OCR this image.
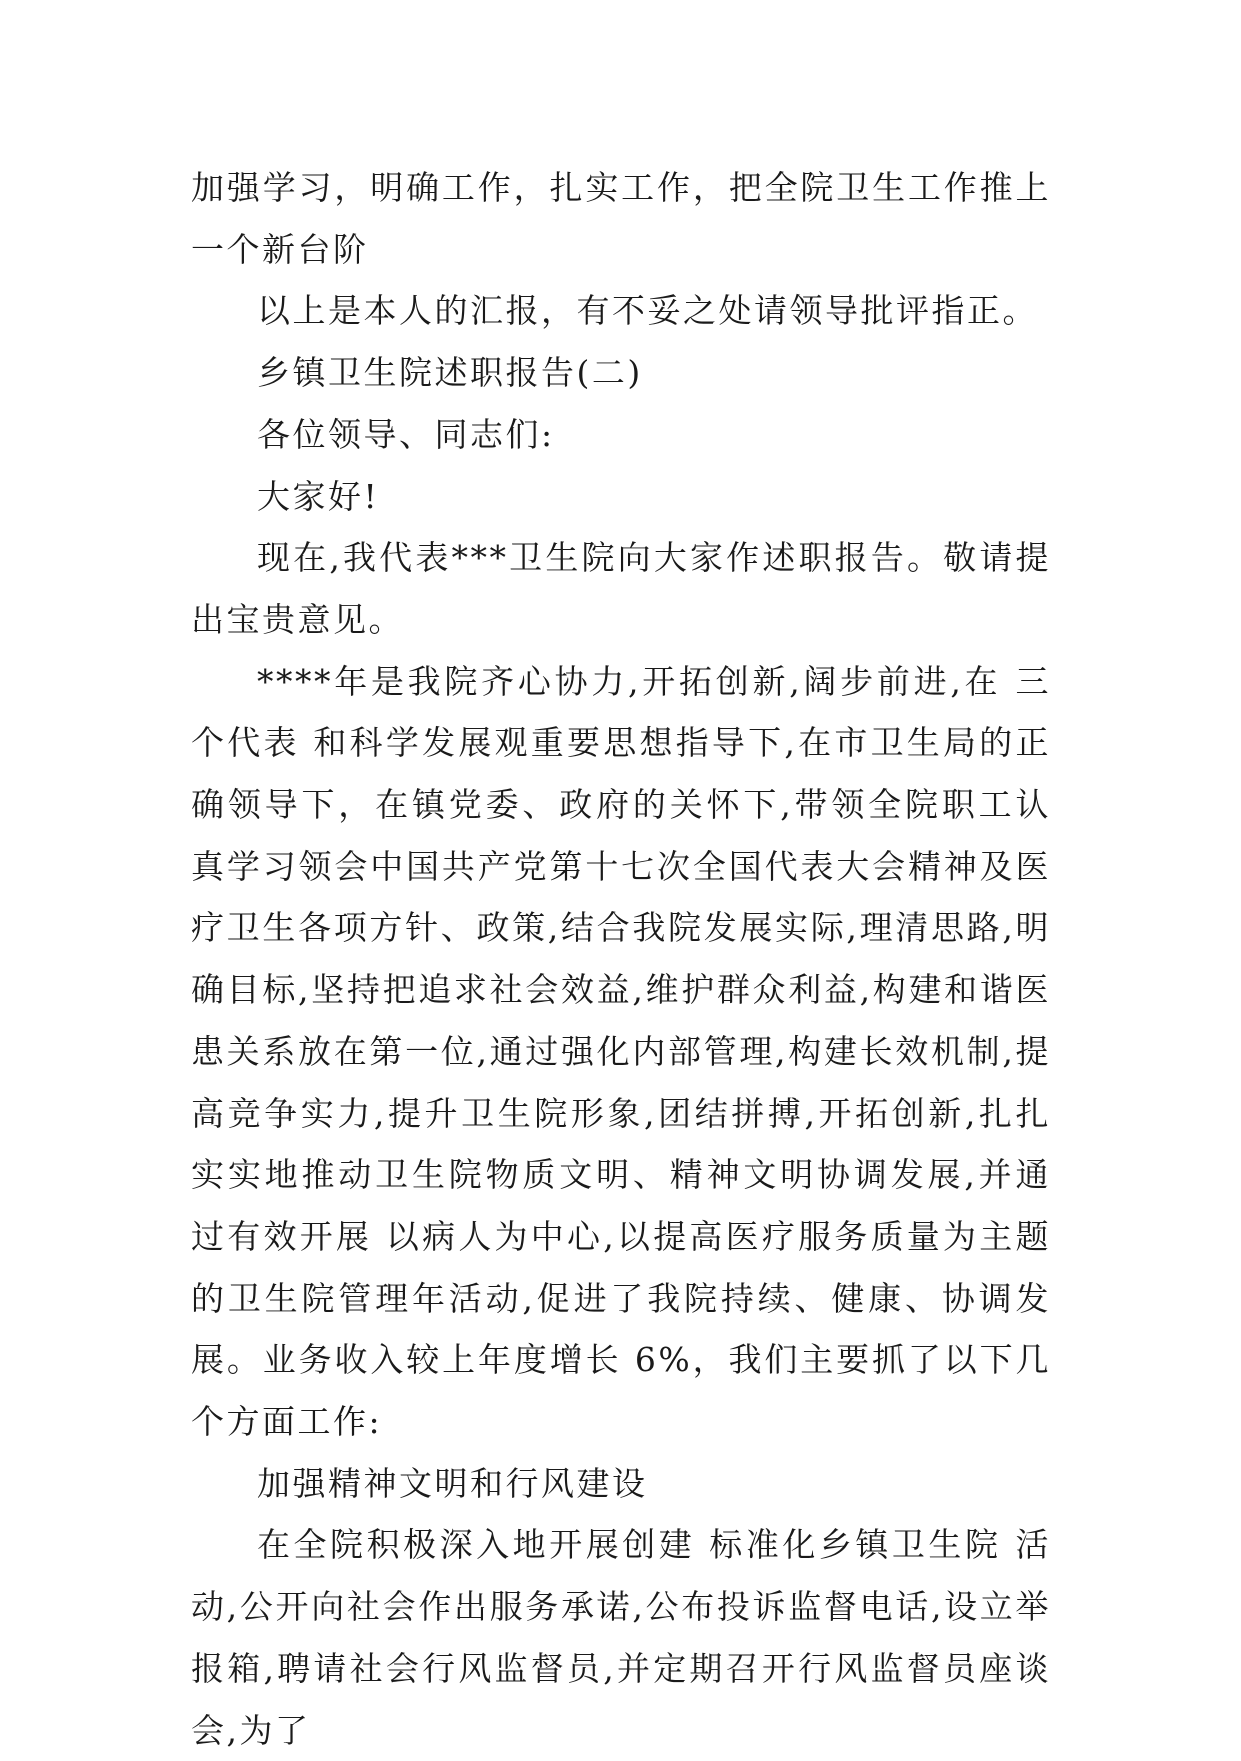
加强学习，明确工作，扎实工作，把全院卫生工作推上一个新台阶

以上是本人的汇报，有不妥之处请领导批评指正。

乡镇卫生院述职报告(二)

各位领导、同志们:

大家好!

现在,我代表***卫生院向大家作述职报告。敬请提出宝贵意见。

****年是我院齐心协力,开拓创新,阔步前进,在 三个代表 和科学发展观重要思想指导下,在市卫生局的正确领导下，在镇党委、政府的关怀下,带领全院职工认真学习领会中国共产党第十七次全国代表大会精神及医疗卫生各项方针、政策,结合我院发展实际,理清思路,明确目标,坚持把追求社会效益,维护群众利益,构建和谐医患关系放在第一位,通过强化内部管理,构建长效机制,提高竞争实力,提升卫生院形象,团结拼搏,开拓创新,扎扎实实地推动卫生院物质文明、精神文明协调发展,并通过有效开展 以病人为中心,以提高医疗服务质量为主题 的卫生院管理年活动,促进了我院持续、健康、协调发展。业务收入较上年度增长 6%，我们主要抓了以下几个方面工作:

加强精神文明和行风建设

在全院积极深入地开展创建 标准化乡镇卫生院 活动,公开向社会作出服务承诺,公布投诉监督电话,设立举报箱,聘请社会行风监督员,并定期召开行风监督员座谈会,为了
